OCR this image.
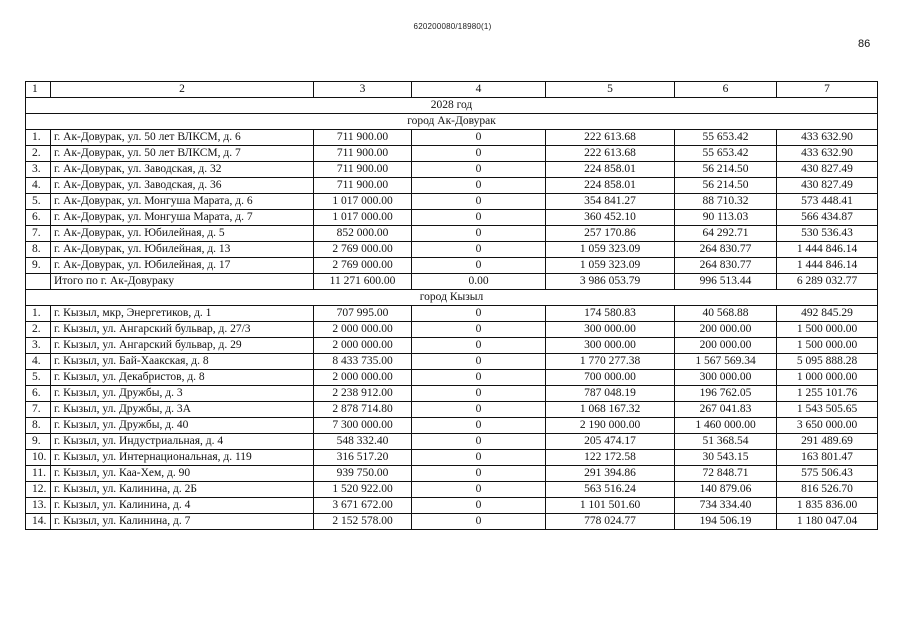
620200080/18980(1)
86
1	2	3	4	5	6	7
2028 год						
город Ак-Довурак						
1.	г. Ак-Довурак, ул. 50 лет ВЛКСМ, д. 6	711 900.00	0	222 613.68	55 653.42	433 632.90
2.	г. Ак-Довурак, ул. 50 лет ВЛКСМ, д. 7	711 900.00	0	222 613.68	55 653.42	433 632.90
3.	г. Ак-Довурак, ул. Заводская, д. 32	711 900.00	0	224 858.01	56 214.50	430 827.49
4.	г. Ак-Довурак, ул. Заводская, д. 36	711 900.00	0	224 858.01	56 214.50	430 827.49
5.	г. Ак-Довурак, ул. Монгуша Марата, д. 6	1 017 000.00	0	354 841.27	88 710.32	573 448.41
6.	г. Ак-Довурак, ул. Монгуша Марата, д. 7	1 017 000.00	0	360 452.10	90 113.03	566 434.87
7.	г. Ак-Довурак, ул. Юбилейная, д. 5	852 000.00	0	257 170.86	64 292.71	530 536.43
8.	г. Ак-Довурак, ул. Юбилейная, д. 13	2 769 000.00	0	1 059 323.09	264 830.77	1 444 846.14
9.	г. Ак-Довурак, ул. Юбилейная, д. 17	2 769 000.00	0	1 059 323.09	264 830.77	1 444 846.14
	Итого по г. Ак-Довураку	11 271 600.00	0.00	3 986 053.79	996 513.44	6 289 032.77
город Кызыл						
1.	г. Кызыл, мкр, Энергетиков, д. 1	707 995.00	0	174 580.83	40 568.88	492 845.29
2.	г. Кызыл, ул. Ангарский бульвар, д. 27/3	2 000 000.00	0	300 000.00	200 000.00	1 500 000.00
3.	г. Кызыл, ул. Ангарский бульвар, д. 29	2 000 000.00	0	300 000.00	200 000.00	1 500 000.00
4.	г. Кызыл, ул. Бай-Хаакская, д. 8	8 433 735.00	0	1 770 277.38	1 567 569.34	5 095 888.28
5.	г. Кызыл, ул. Декабристов, д. 8	2 000 000.00	0	700 000.00	300 000.00	1 000 000.00
6.	г. Кызыл, ул. Дружбы, д. 3	2 238 912.00	0	787 048.19	196 762.05	1 255 101.76
7.	г. Кызыл, ул. Дружбы, д. 3А	2 878 714.80	0	1 068 167.32	267 041.83	1 543 505.65
8.	г. Кызыл, ул. Дружбы, д. 40	7 300 000.00	0	2 190 000.00	1 460 000.00	3 650 000.00
9.	г. Кызыл, ул. Индустриальная, д. 4	548 332.40	0	205 474.17	51 368.54	291 489.69
10.	г. Кызыл, ул. Интернациональная, д. 119	316 517.20	0	122 172.58	30 543.15	163 801.47
11.	г. Кызыл, ул. Каа-Хем, д. 90	939 750.00	0	291 394.86	72 848.71	575 506.43
12.	г. Кызыл, ул. Калинина, д. 2Б	1 520 922.00	0	563 516.24	140 879.06	816 526.70
13.	г. Кызыл, ул. Калинина, д. 4	3 671 672.00	0	1 101 501.60	734 334.40	1 835 836.00
14.	г. Кызыл, ул. Калинина, д. 7	2 152 578.00	0	778 024.77	194 506.19	1 180 047.04
